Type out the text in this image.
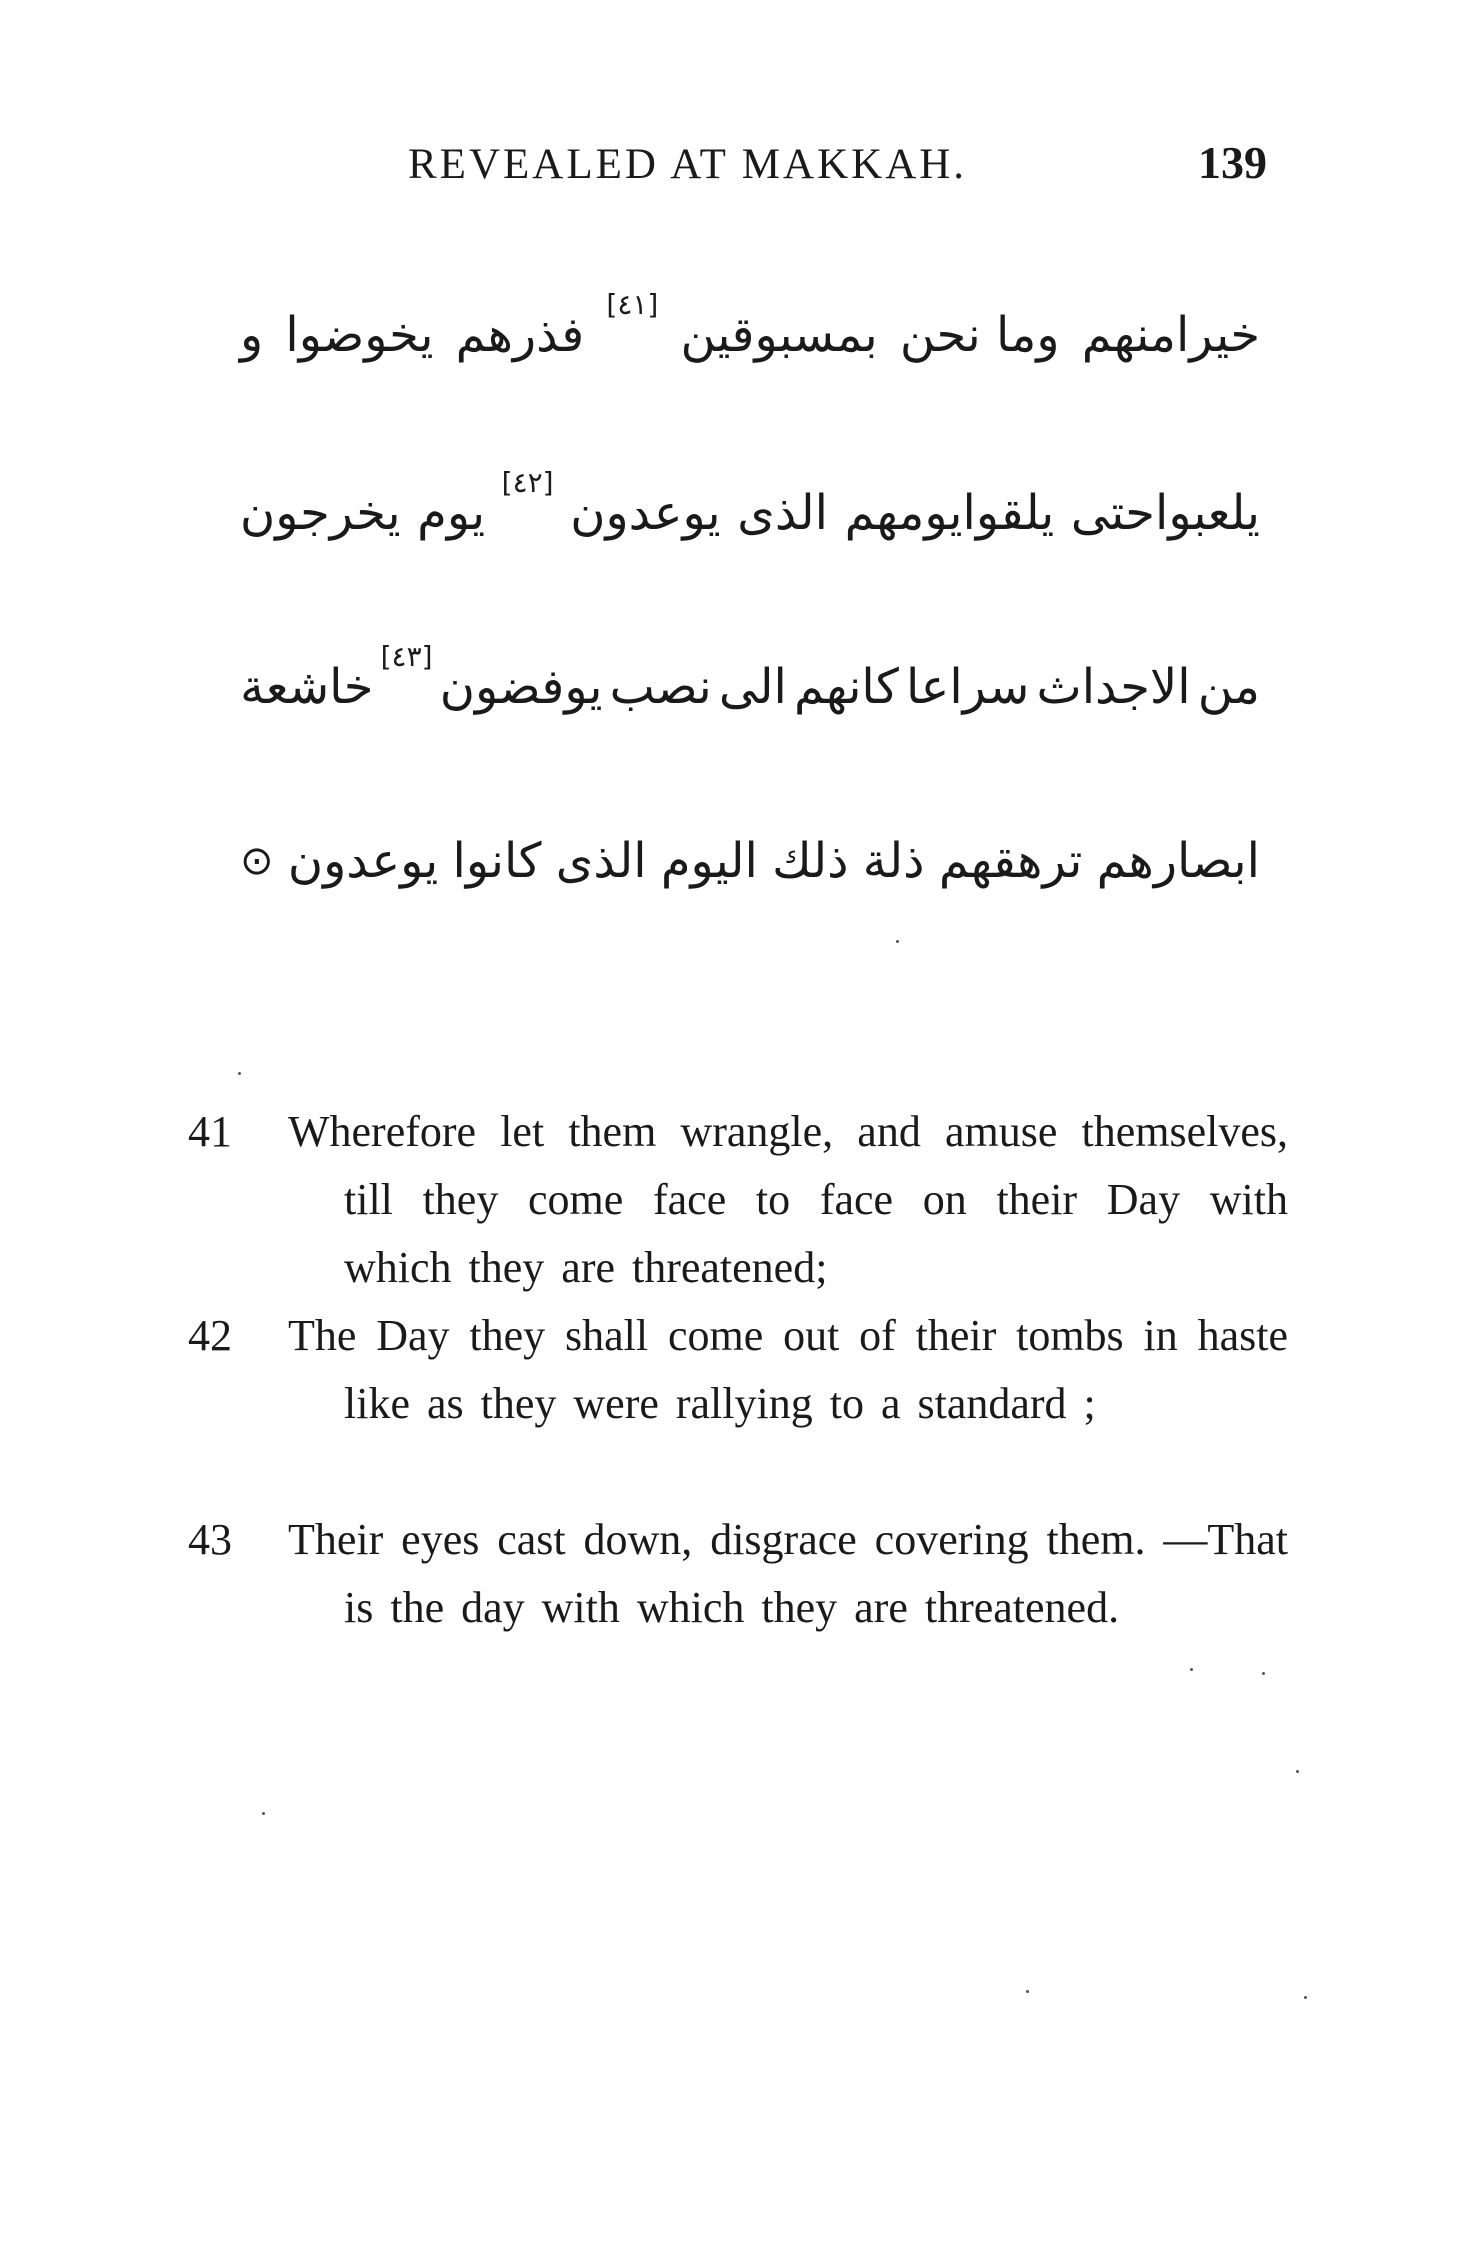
REVEALED AT MAKKAH.	139
خيرامنهم
وما نحن
بمسبوقين
[٤١]
فذرهم
يخوضوا
و
يلعبواحتى
يلقوايومهم
الذى
يوعدون
[٤٢]
يوم
يخرجون
من
الاجداث
سراعا
كانهم
الى
نصب
يوفضون
[٤٣]
خاشعة
ابصارهم
ترهقهم
ذلة
ذلك
اليوم
الذى
كانوا
يوعدون
⊙
41	Wherefore let them wrangle, and amuse themselves, till they come face to face on their Day with which they are threatened;
42	The Day they shall come out of their tombs in haste like as they were rallying to a standard ;
43	Their eyes cast down, disgrace covering them. —That is the day with which they are threatened.
